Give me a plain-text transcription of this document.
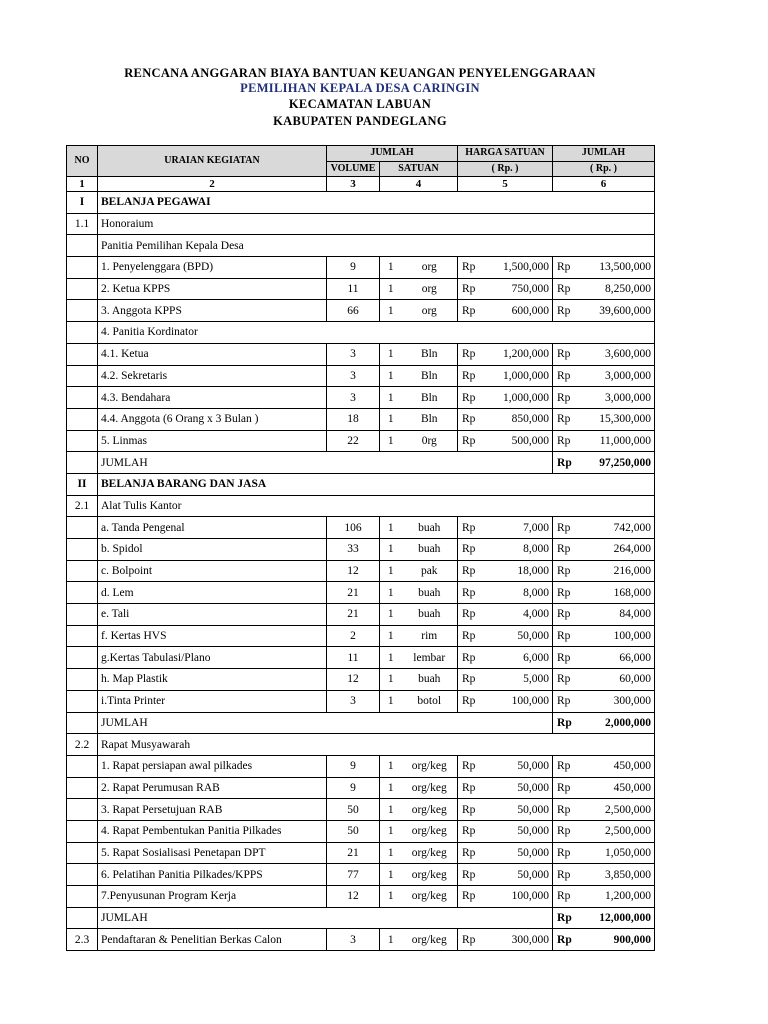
RENCANA ANGGARAN BIAYA BANTUAN KEUANGAN PENYELENGGARAAN
PEMILIHAN KEPALA DESA CARINGIN
KECAMATAN LABUAN
KABUPATEN PANDEGLANG
NO	URAIAN KEGIATAN	JUMLAH			HARGA SATUAN		JUMLAH	
		VOLUME	SATUAN		( Rp. )		( Rp. )	
1	2	3	4		5		6	
I	BELANJA PEGAWAI							
1.1	Honoraium							
	Panitia Pemilihan Kepala Desa							
	1. Penyelenggara (BPD)	9	1	org	Rp	1,500,000	Rp	13,500,000
	2. Ketua KPPS	11	1	org	Rp	750,000	Rp	8,250,000
	3. Anggota KPPS	66	1	org	Rp	600,000	Rp	39,600,000
	4. Panitia Kordinator							
	4.1. Ketua	3	1	Bln	Rp	1,200,000	Rp	3,600,000
	4.2. Sekretaris	3	1	Bln	Rp	1,000,000	Rp	3,000,000
	4.3. Bendahara	3	1	Bln	Rp	1,000,000	Rp	3,000,000
	4.4. Anggota (6 Orang x 3 Bulan )	18	1	Bln	Rp	850,000	Rp	15,300,000
	5. Linmas	22	1	0rg	Rp	500,000	Rp	11,000,000
	JUMLAH						Rp	97,250,000
II	BELANJA BARANG DAN JASA							
2.1	Alat Tulis Kantor							
	a. Tanda Pengenal	106	1	buah	Rp	7,000	Rp	742,000
	b. Spidol	33	1	buah	Rp	8,000	Rp	264,000
	c. Bolpoint	12	1	pak	Rp	18,000	Rp	216,000
	d. Lem	21	1	buah	Rp	8,000	Rp	168,000
	e. Tali	21	1	buah	Rp	4,000	Rp	84,000
	f. Kertas HVS	2	1	rim	Rp	50,000	Rp	100,000
	g.Kertas Tabulasi/Plano	11	1	lembar	Rp	6,000	Rp	66,000
	h. Map Plastik	12	1	buah	Rp	5,000	Rp	60,000
	i.Tinta Printer	3	1	botol	Rp	100,000	Rp	300,000
	JUMLAH						Rp	2,000,000
2.2	Rapat Musyawarah							
	1. Rapat persiapan awal pilkades	9	1	org/keg	Rp	50,000	Rp	450,000
	2. Rapat Perumusan RAB	9	1	org/keg	Rp	50,000	Rp	450,000
	3. Rapat Persetujuan RAB	50	1	org/keg	Rp	50,000	Rp	2,500,000
	4. Rapat Pembentukan Panitia Pilkades	50	1	org/keg	Rp	50,000	Rp	2,500,000
	5. Rapat Sosialisasi Penetapan DPT	21	1	org/keg	Rp	50,000	Rp	1,050,000
	6. Pelatihan Panitia Pilkades/KPPS	77	1	org/keg	Rp	50,000	Rp	3,850,000
	7.Penyusunan Program Kerja	12	1	org/keg	Rp	100,000	Rp	1,200,000
	JUMLAH						Rp	12,000,000
2.3	Pendaftaran & Penelitian Berkas Calon	3	1	org/keg	Rp	300,000	Rp	900,000
